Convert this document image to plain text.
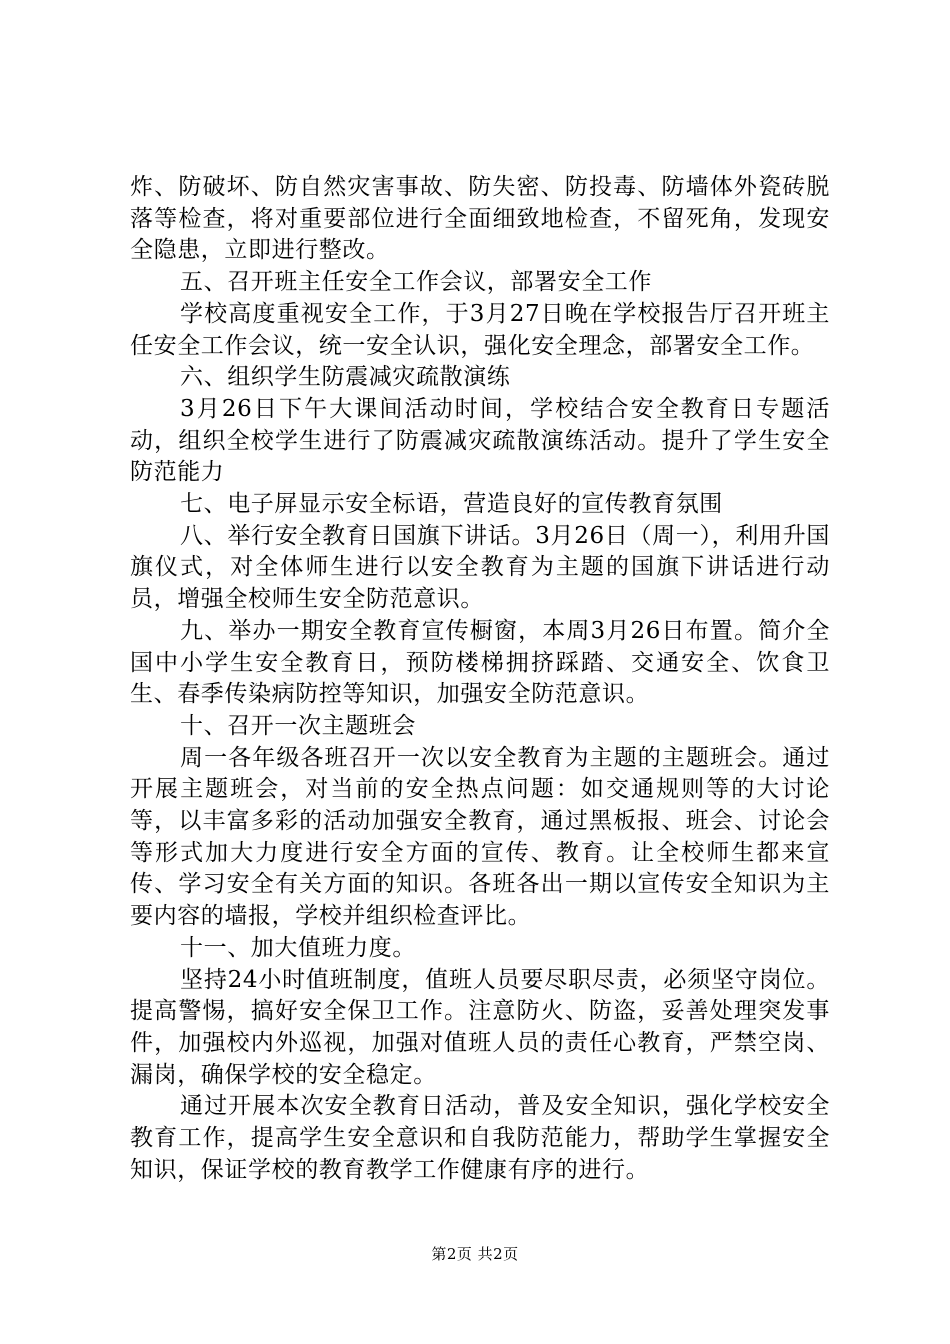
炸、防破坏、防自然灾害事故、防失密、防投毒、防墙体外瓷砖脱落等检查，将对重要部位进行全面细致地检查，不留死角，发现安全隐患，立即进行整改。

五、召开班主任安全工作会议，部署安全工作

学校高度重视安全工作，于3月27日晚在学校报告厅召开班主任安全工作会议，统一安全认识，强化安全理念，部署安全工作。

六、组织学生防震减灾疏散演练

3月26日下午大课间活动时间，学校结合安全教育日专题活动，组织全校学生进行了防震减灾疏散演练活动。提升了学生安全防范能力

七、电子屏显示安全标语，营造良好的宣传教育氛围

八、举行安全教育日国旗下讲话。3月26日（周一），利用升国旗仪式，对全体师生进行以安全教育为主题的国旗下讲话进行动员，增强全校师生安全防范意识。

九、举办一期安全教育宣传橱窗，本周3月26日布置。简介全国中小学生安全教育日，预防楼梯拥挤踩踏、交通安全、饮食卫生、春季传染病防控等知识，加强安全防范意识。

十、召开一次主题班会

周一各年级各班召开一次以安全教育为主题的主题班会。通过开展主题班会，对当前的安全热点问题：如交通规则等的大讨论等，以丰富多彩的活动加强安全教育，通过黑板报、班会、讨论会等形式加大力度进行安全方面的宣传、教育。让全校师生都来宣传、学习安全有关方面的知识。各班各出一期以宣传安全知识为主要内容的墙报，学校并组织检查评比。

十一、加大值班力度。

坚持24小时值班制度，值班人员要尽职尽责，必须坚守岗位。提高警惕，搞好安全保卫工作。注意防火、防盗，妥善处理突发事件，加强校内外巡视，加强对值班人员的责任心教育，严禁空岗、漏岗，确保学校的安全稳定。

通过开展本次安全教育日活动，普及安全知识，强化学校安全教育工作，提高学生安全意识和自我防范能力，帮助学生掌握安全知识，保证学校的教育教学工作健康有序的进行。

第2页 共2页
